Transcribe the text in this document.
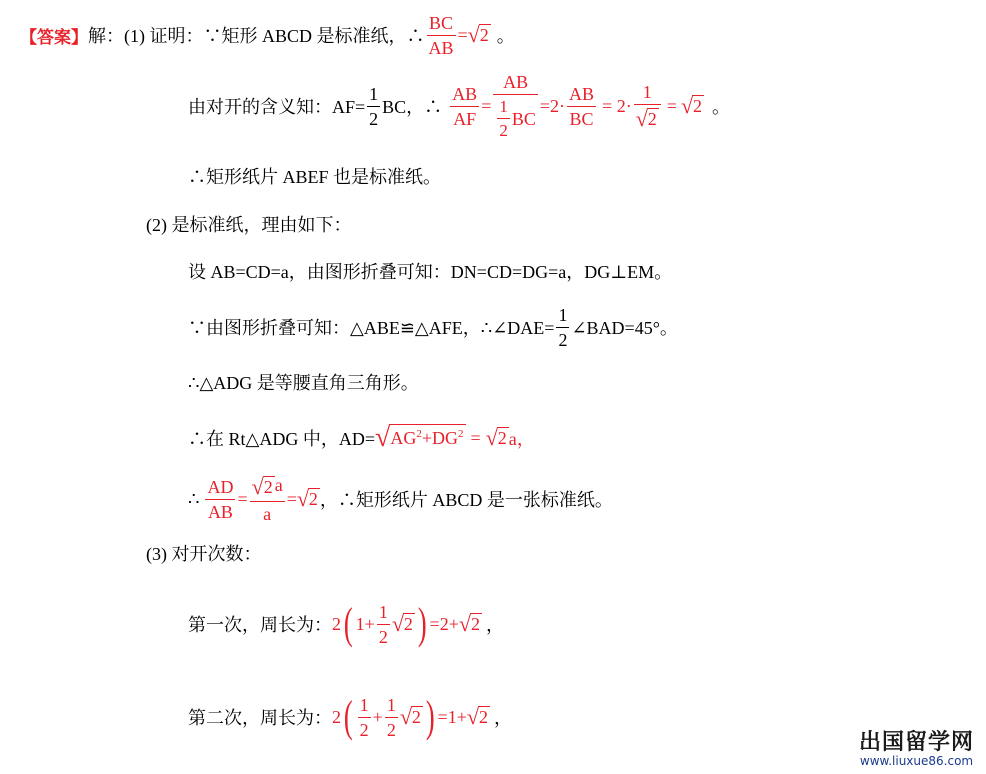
【答案】 解：(1) 证明：∵矩形 ABCD 是标准纸，∴ $\frac{BC}{AB}$ = √ 2 。
由对开的含义知：$AF= \frac{1}{2}$ BC，∴ $\frac{AB}{AF} = \frac{AB}{\frac{1}{2} BC} =2\cdot \frac{AB}{BC} = 2\cdot \frac{1}{√ 2}$ = √ 2 。
∴矩形纸片 ABEF 也是标准纸。
(2) 是标准纸，理由如下：
设 AB=CD=a，由图形折叠可知：DN=CD=DG=a，DG⊥EM。
∵由图形折叠可知：△ABE≌△AFE，∴∠DAE= $\frac{1}{2}$ ∠BAD=45°。
∴△ADG 是等腰直角三角形。
∴在 Rt△ADG 中，AD= √ $AG^2+DG^2$ = √ 2 a，
∴ $\frac{AD}{AB} = \frac{√ 2 a}{a}$ = √ 2 ，∴矩形纸片 ABCD 是一张标准纸。
(3) 对开次数：
第一次，周长为： 2 ( $1+ \frac{1}{2}$ √ 2 ) =2+ √ 2 ，
第二次，周长为： 2 ( $\frac{1}{2} + \frac{1}{2}$ √ 2 ) =1+ √ 2 ，
出国留学网
www.liuxue86.com
